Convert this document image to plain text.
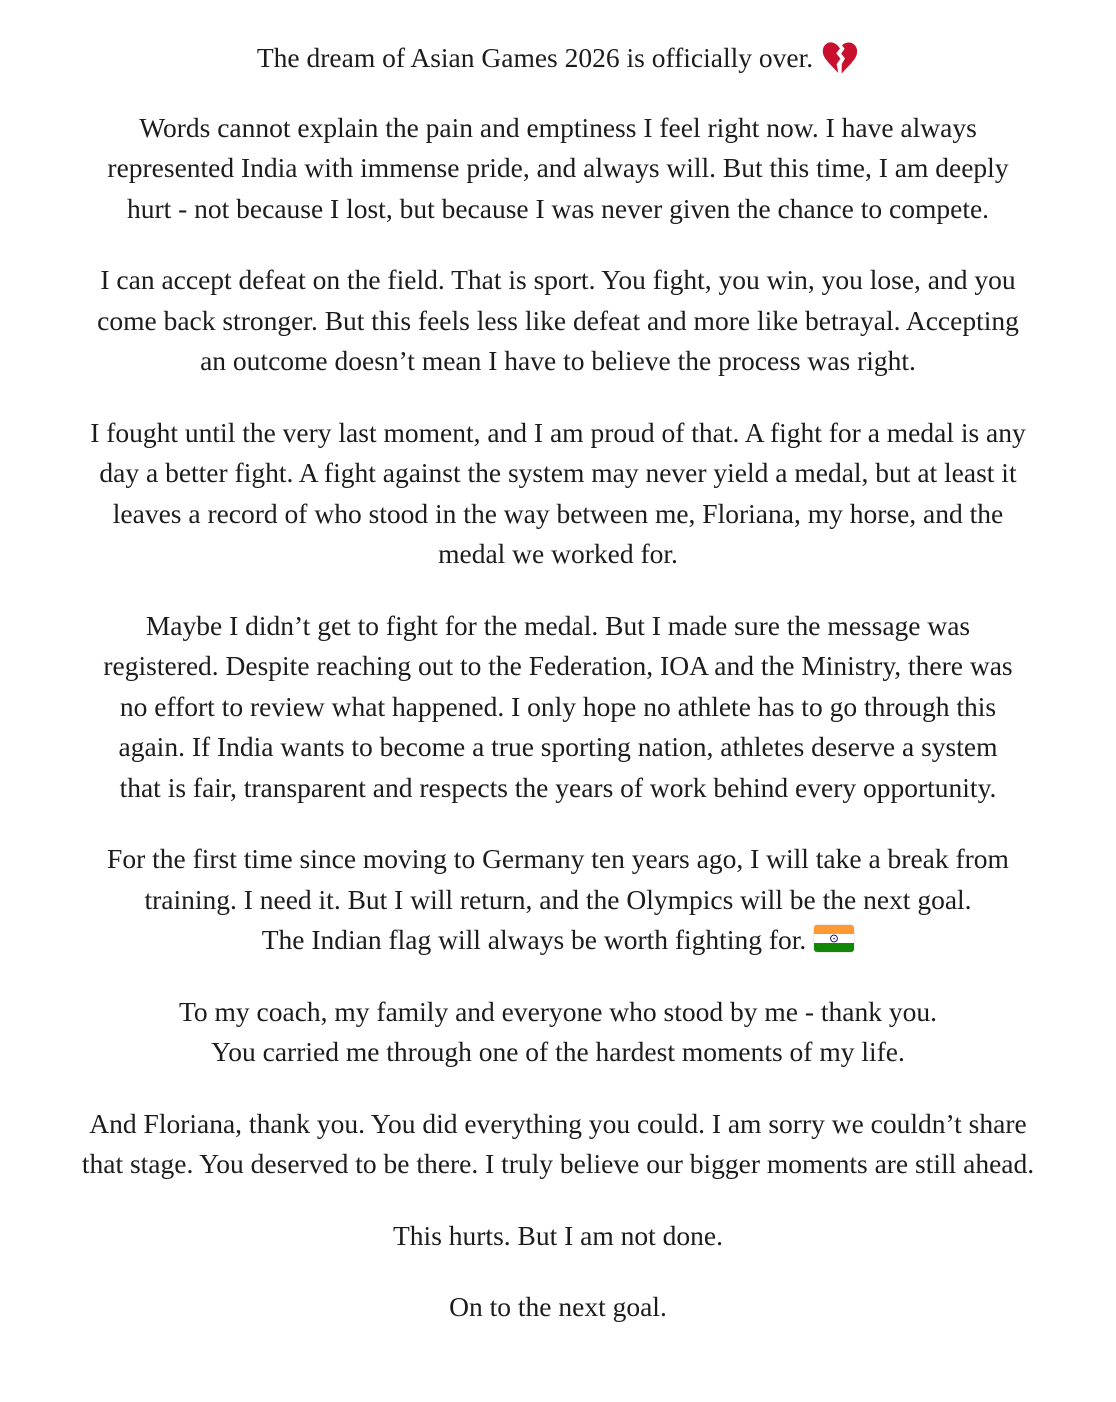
The dream of Asian Games 2026 is officially over.

Words cannot explain the pain and emptiness I feel right now. I have always
represented India with immense pride, and always will. But this time, I am deeply
hurt - not because I lost, but because I was never given the chance to compete.

I can accept defeat on the field. That is sport. You fight, you win, you lose, and you
come back stronger. But this feels less like defeat and more like betrayal. Accepting
an outcome doesn’t mean I have to believe the process was right.

I fought until the very last moment, and I am proud of that. A fight for a medal is any
day a better fight. A fight against the system may never yield a medal, but at least it
leaves a record of who stood in the way between me, Floriana, my horse, and the
medal we worked for.

Maybe I didn’t get to fight for the medal. But I made sure the message was
registered. Despite reaching out to the Federation, IOA and the Ministry, there was
no effort to review what happened. I only hope no athlete has to go through this
again. If India wants to become a true sporting nation, athletes deserve a system
that is fair, transparent and respects the years of work behind every opportunity.

For the first time since moving to Germany ten years ago, I will take a break from
training. I need it. But I will return, and the Olympics will be the next goal.
The Indian flag will always be worth fighting for.

To my coach, my family and everyone who stood by me - thank you.
You carried me through one of the hardest moments of my life.

And Floriana, thank you. You did everything you could. I am sorry we couldn’t share
that stage. You deserved to be there. I truly believe our bigger moments are still ahead.

This hurts. But I am not done.

On to the next goal.
